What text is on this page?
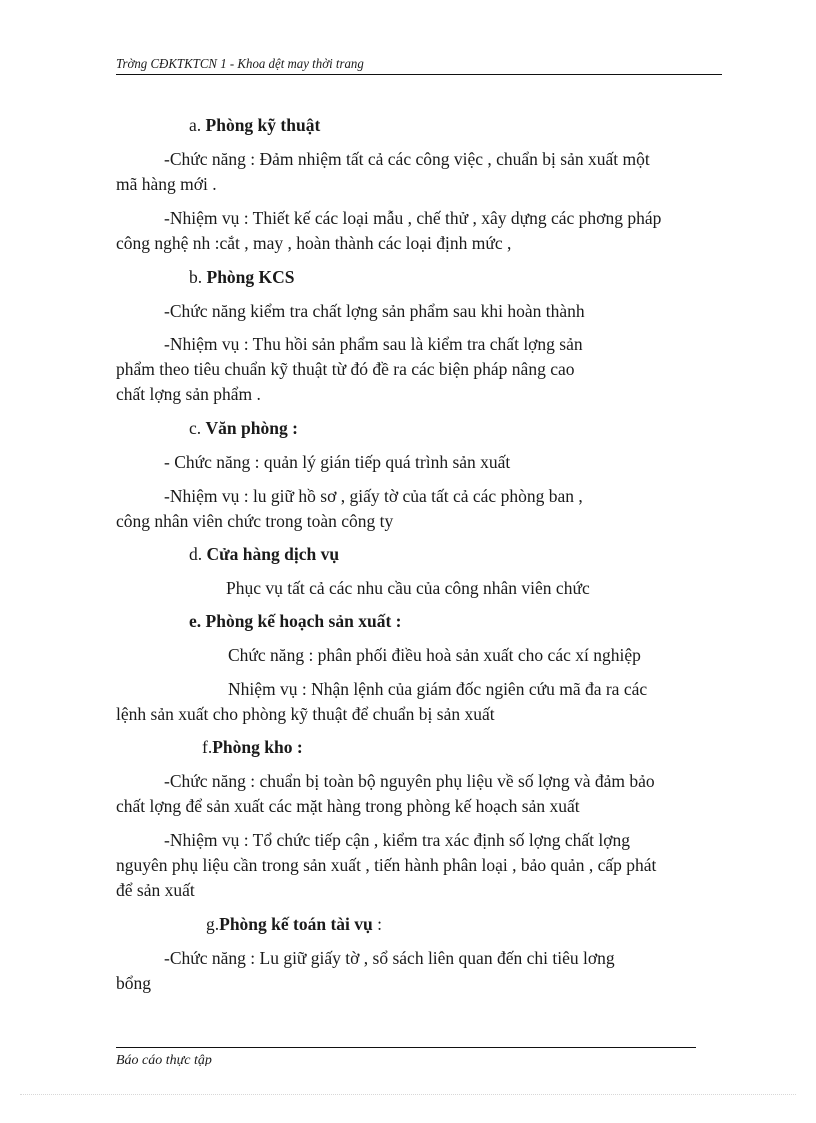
Trờng CĐKTKTCN 1 - Khoa dệt may thời trang
a. Phòng kỹ thuật
-Chức năng : Đảm nhiệm tất cả các công việc , chuẩn bị sản xuất một
mã hàng mới .
-Nhiệm vụ : Thiết kế các loại mẫu , chế thử , xây dựng các phơng pháp
công nghệ nh :cắt , may , hoàn thành các loại định mức ,
b. Phòng KCS
-Chức năng kiểm tra chất lợng sản phẩm sau khi hoàn thành
-Nhiệm vụ : Thu hồi sản phẩm sau là kiểm tra chất lợng sản
phẩm theo tiêu chuẩn kỹ thuật từ đó đề ra các biện pháp nâng cao
chất lợng sản phẩm .
c. Văn phòng :
- Chức năng : quản lý gián tiếp quá trình sản xuất
-Nhiệm vụ : lu giữ hồ sơ , giấy tờ của tất cả các phòng ban ,
công nhân viên chức trong toàn công ty
d. Cửa hàng dịch vụ
Phục vụ tất cả các nhu cầu của công nhân viên chức
e. Phòng kế hoạch sản xuất :
Chức năng : phân phối điều hoà sản xuất cho các xí nghiệp
Nhiệm vụ : Nhận lệnh của giám đốc ngiên cứu mã đa ra các
lệnh sản xuất cho phòng kỹ thuật để chuẩn bị sản xuất
f.Phòng kho :
-Chức năng : chuẩn bị toàn bộ nguyên phụ liệu về số lợng và đảm bảo
chất lợng để sản xuất các mặt hàng trong phòng kế hoạch sản xuất
-Nhiệm vụ : Tổ chức tiếp cận , kiểm tra xác định số lợng chất lợng
nguyên phụ liệu cần trong sản xuất , tiến hành phân loại , bảo quản , cấp phát
để sản xuất
g.Phòng kế toán tài vụ :
-Chức năng : Lu giữ giấy tờ , sổ sách liên quan đến chi tiêu lơng
bổng
Báo cáo thực tập
